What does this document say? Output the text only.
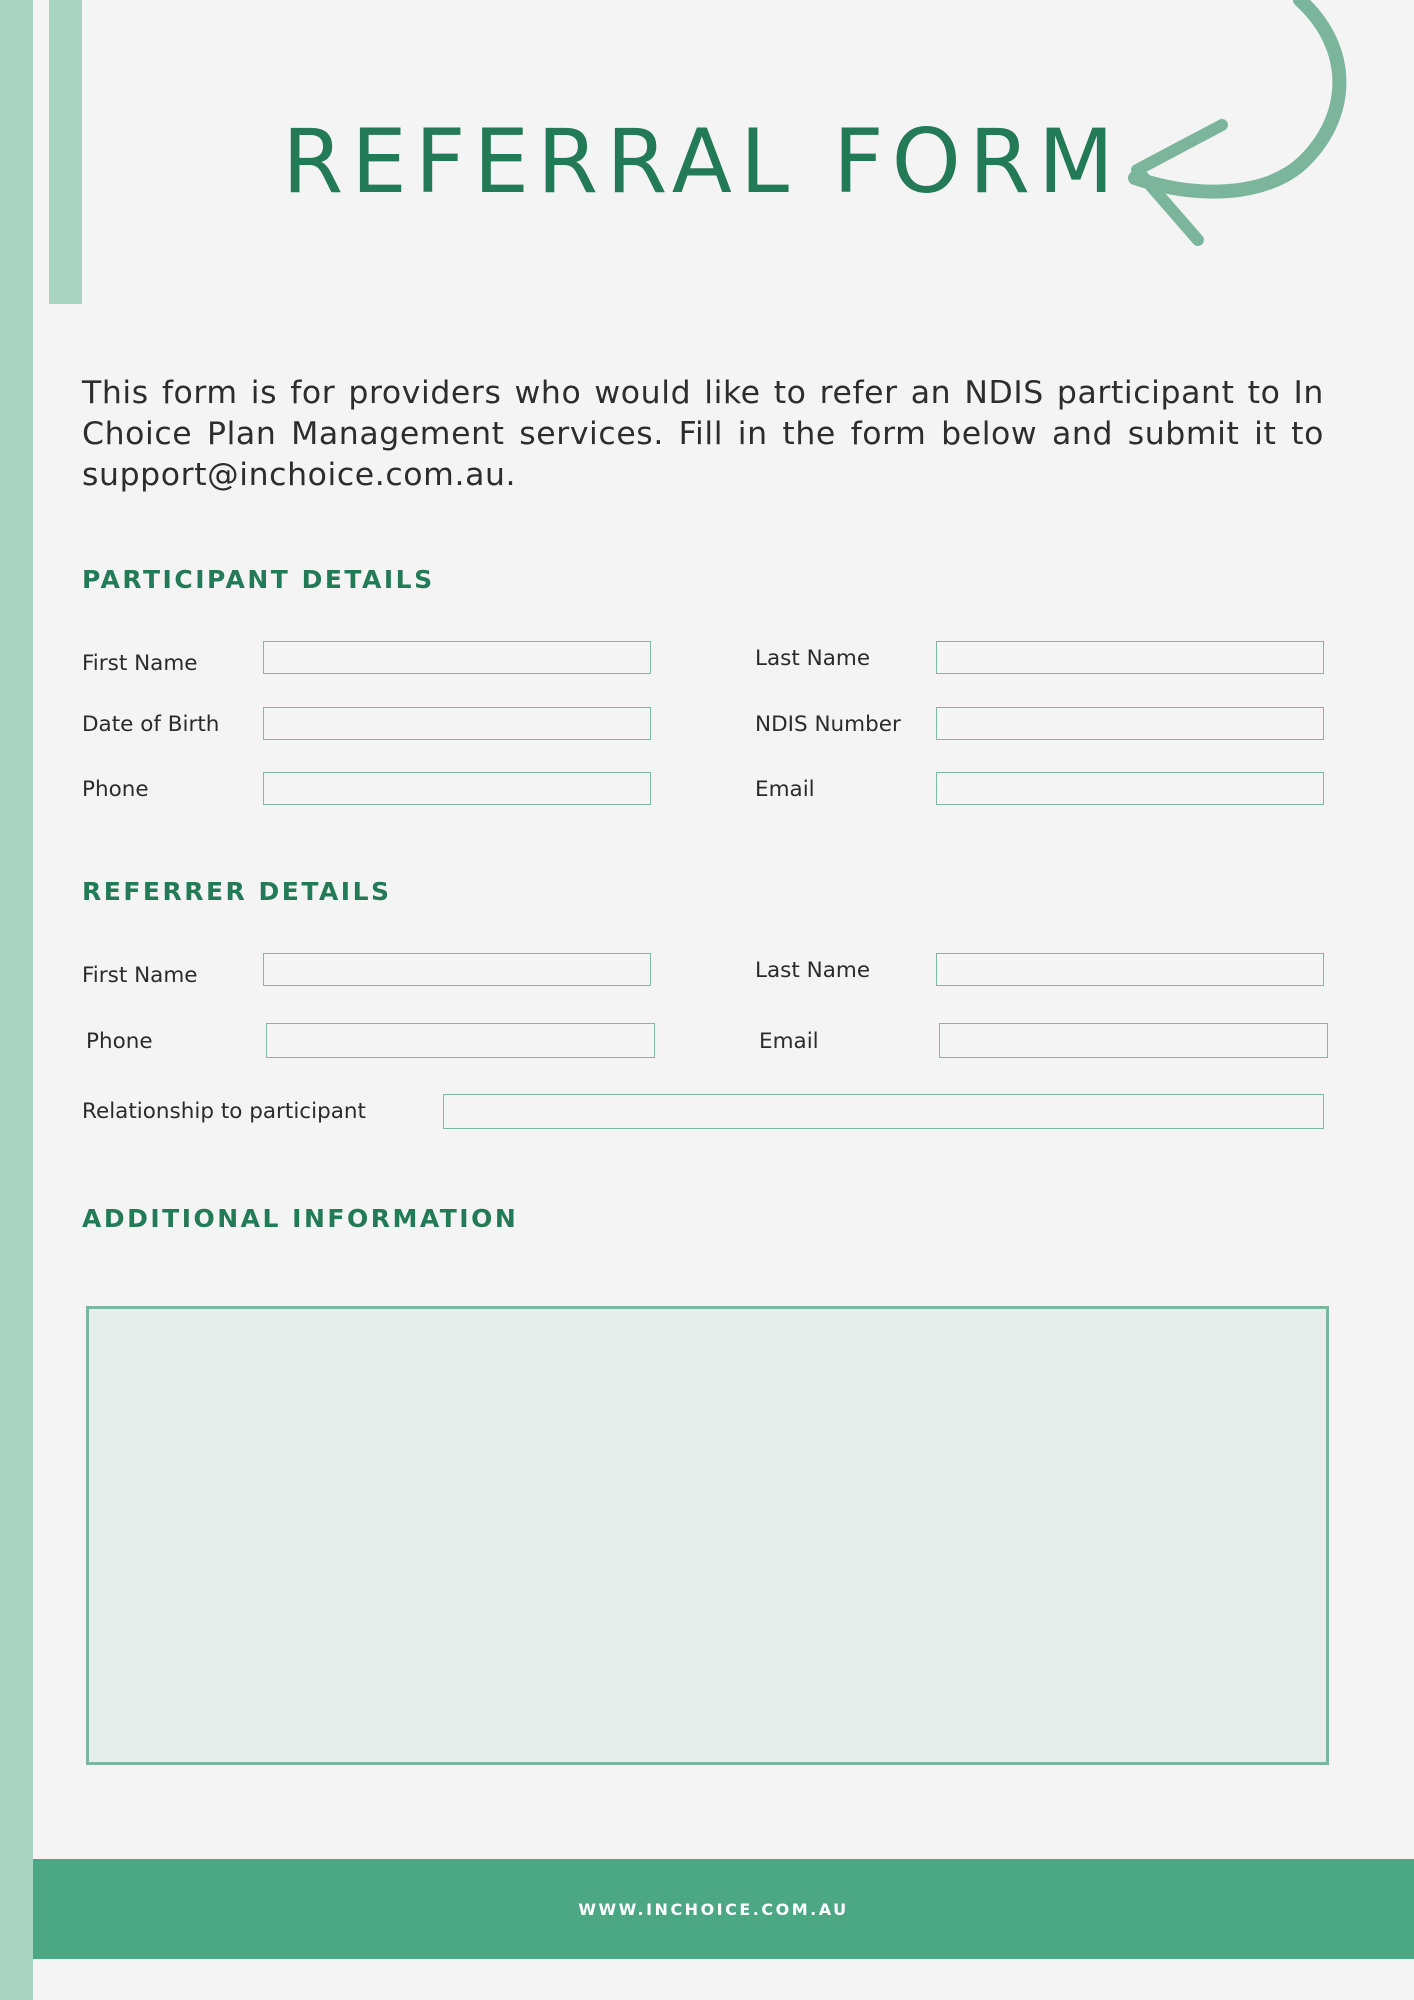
REFERRAL FORM

This form is for providers who would like to refer an NDIS participant to In Choice Plan Management services. Fill in the form below and submit it to support@inchoice.com.au.

PARTICIPANT DETAILS
First Name	Last Name
Date of Birth	NDIS Number
Phone	Email
REFERRER DETAILS
First Name	Last Name
Phone	Email
Relationship to participant
ADDITIONAL INFORMATION
WWW.INCHOICE.COM.AU
